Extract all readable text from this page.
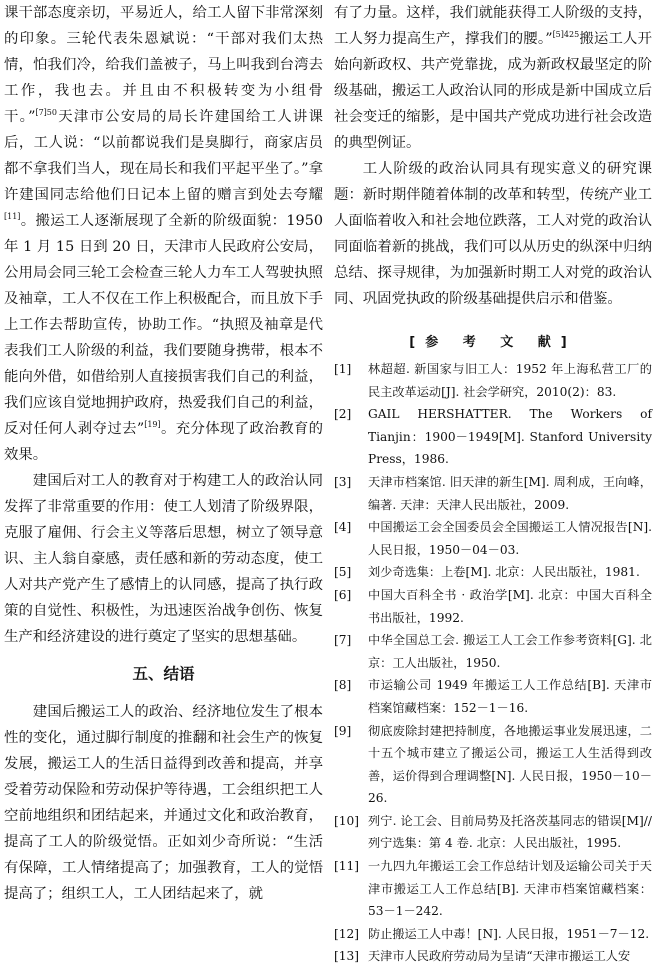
课干部态度亲切，平易近人，给工人留下非常深刻的印象。三轮代表朱恩斌说：“干部对我们太热情，怕我们冷，给我们盖被子，马上叫我到台湾去工作，我也去。并且由不积极转变为小组骨干。”$^{[7]50}$天津市公安局的局长许建国给工人讲课后，工人说：“以前都说我们是臭脚行，商家店员都不拿我们当人，现在局长和我们平起平坐了。”拿许建国同志给他们日记本上留的赠言到处去夸耀[11]。搬运工人逐渐展现了全新的阶级面貌：1950 年 1 月 15 日到 20 日，天津市人民政府公安局，公用局会同三轮工会检查三轮人力车工人驾驶执照及袖章，工人不仅在工作上积极配合，而且放下手上工作去帮助宣传，协助工作。“执照及袖章是代表我们工人阶级的利益，我们要随身携带，根本不能向外借，如借给别人直接损害我们自己的利益，我们应该自觉地拥护政府，热爱我们自己的利益，反对任何人剥夺过去”[19]。充分体现了政治教育的效果。

建国后对工人的教育对于构建工人的政治认同发挥了非常重要的作用：使工人划清了阶级界限，克服了雇佣、行会主义等落后思想，树立了领导意识、主人翁自豪感，责任感和新的劳动态度，使工人对共产党产生了感情上的认同感，提高了执行政策的自觉性、积极性，为迅速医治战争创伤、恢复生产和经济建设的进行奠定了坚实的思想基础。

五、结语

建国后搬运工人的政治、经济地位发生了根本性的变化，通过脚行制度的推翻和社会生产的恢复发展，搬运工人的生活日益得到改善和提高，并享受着劳动保险和劳动保护等待遇，工会组织把工人空前地组织和团结起来，并通过文化和政治教育，提高了工人的阶级觉悟。正如刘少奇所说：“生活有保障，工人情绪提高了；加强教育，工人的觉悟提高了；组织工人，工人团结起来了，就

有了力量。这样，我们就能获得工人阶级的支持，工人努力提高生产，撑我们的腰。”$^{[5]425}$搬运工人开始向新政权、共产党靠拢，成为新政权最坚定的阶级基础，搬运工人政治认同的形成是新中国成立后社会变迁的缩影，是中国共产党成功进行社会改造的典型例证。

工人阶级的政治认同具有现实意义的研究课题：新时期伴随着体制的改革和转型，传统产业工人面临着收入和社会地位跌落，工人对党的政治认同面临着新的挑战，我们可以从历史的纵深中归纳总结、探寻规律，为加强新时期工人对党的政治认同、巩固党执政的阶级基础提供启示和借鉴。

[参 考 文 献]
[1] 林超超. 新国家与旧工人：1952 年上海私营工厂的民主改革运动[J]. 社会学研究，2010(2)：83.
[2] GAIL HERSHATTER. The Workers of Tianjin：1900－1949[M]. Stanford University Press，1986.
[3] 天津市档案馆. 旧天津的新生[M]. 周利成，王向峰，编著. 天津：天津人民出版社，2009.
[4] 中国搬运工会全国委员会全国搬运工人情况报告[N]. 人民日报，1950－04－03.
[5] 刘少奇选集：上卷[M]. 北京：人民出版社，1981.
[6] 中国大百科全书 · 政治学[M]. 北京：中国大百科全书出版社，1992.
[7] 中华全国总工会. 搬运工人工会工作参考资料[G]. 北京：工人出版社，1950.
[8] 市运输公司 1949 年搬运工人工作总结[B]. 天津市档案馆藏档案：152－1－16.
[9] 彻底废除封建把持制度，各地搬运事业发展迅速，二十五个城市建立了搬运公司，搬运工人生活得到改善，运价得到合理调整[N]. 人民日报，1950－10－26.
[10] 列宁. 论工会、目前局势及托洛茨基同志的错误[M]//列宁选集：第 4 卷. 北京：人民出版社，1995.
[11] 一九四九年搬运工会工作总结计划及运输公司关于天津市搬运工人工作总结[B]. 天津市档案馆藏档案：53－1－242.
[12] 防止搬运工人中毒！[N]. 人民日报，1951－7－12.
[13] 天津市人民政府劳动局为呈请“天津市搬运工人安
